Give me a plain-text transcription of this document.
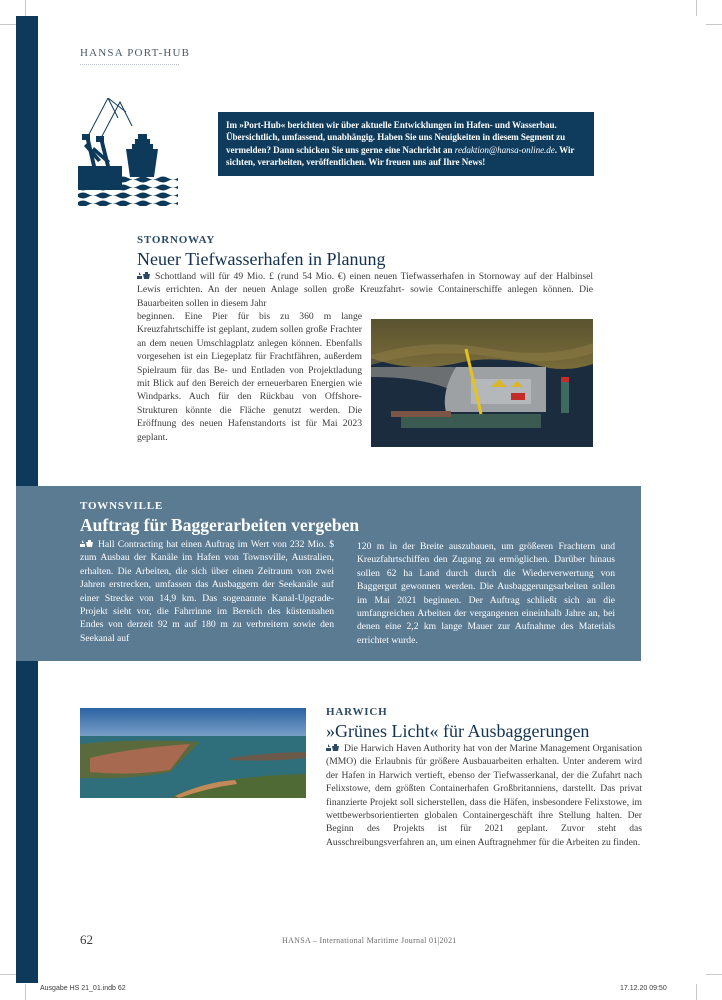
HANSA PORT-HUB
Im »Port-Hub« berichten wir über aktuelle Entwicklungen im Hafen- und Wasserbau. Übersichtlich, umfassend, unabhängig. Haben Sie uns Neuigkeiten in diesem Segment zu vermelden? Dann schicken Sie uns gerne eine Nachricht an redaktion@hansa-online.de. Wir sichten, verarbeiten, veröffentlichen. Wir freuen uns auf Ihre News!
STORNOWAY
Neuer Tiefwasserhafen in Planung

Schottland will für 49 Mio. £ (rund 54 Mio. €) einen neuen Tiefwasserhafen in Stornoway auf der Halbinsel Lewis errichten. An der neuen Anlage sollen große Kreuzfahrt- sowie Containerschiffe anlegen können. Die Bauarbeiten sollen in diesem Jahr

beginnen. Eine Pier für bis zu 360 m lange Kreuzfahrtschiffe ist geplant, zudem sollen große Frachter an dem neuen Umschlagplatz anlegen können. Ebenfalls vorgesehen ist ein Liegeplatz für Frachtfähren, außerdem Spielraum für das Be- und Entladen von Projektladung mit Blick auf den Bereich der erneuerbaren Energien wie Windparks. Auch für den Rückbau von Offshore-Strukturen könnte die Fläche genutzt werden. Die Eröffnung des neuen Hafenstandorts ist für Mai 2023 geplant.

TOWNSVILLE
Auftrag für Baggerarbeiten vergeben

Hall Contracting hat einen Auftrag im Wert von 232 Mio. $ zum Ausbau der Kanäle im Hafen von Townsville, Australien, erhalten. Die Arbeiten, die sich über einen Zeitraum von zwei Jahren erstrecken, umfassen das Ausbaggern der Seekanäle auf einer Strecke von 14,9 km. Das sogenannte Kanal-Upgrade-Projekt sieht vor, die Fahrrinne im Bereich des küstennahen Endes von derzeit 92 m auf 180 m zu verbreitern sowie den Seekanal auf

120 m in der Breite auszubauen, um größeren Frachtern und Kreuzfahrtschiffen den Zugang zu ermöglichen. Darüber hinaus sollen 62 ha Land durch durch die Wiederverwertung von Baggergut gewonnen werden. Die Ausbaggerungsarbeiten sollen im Mai 2021 beginnen. Der Auftrag schließt sich an die umfangreichen Arbeiten der vergangenen eineinhalb Jahre an, bei denen eine 2,2 km lange Mauer zur Aufnahme des Materials errichtet wurde.

HARWICH
»Grünes Licht« für Ausbaggerungen

Die Harwich Haven Authority hat von der Marine Management Organisation (MMO) die Erlaubnis für größere Ausbauarbeiten erhalten. Unter anderem wird der Hafen in Harwich vertieft, ebenso der Tiefwasserkanal, der die Zufahrt nach Felixstowe, dem größten Containerhafen Großbritanniens, darstellt. Das privat finanzierte Projekt soll sicherstellen, dass die Häfen, insbesondere Felixstowe, im wettbewerbsorientierten globalen Containergeschäft ihre Stellung halten. Der Beginn des Projekts ist für 2021 geplant. Zuvor steht das Ausschreibungsverfahren an, um einen Auftragnehmer für die Arbeiten zu finden.

62	HANSA – International Maritime Journal 01|2021
Ausgabe HS 21_01.indb 62	17.12.20 09:50
